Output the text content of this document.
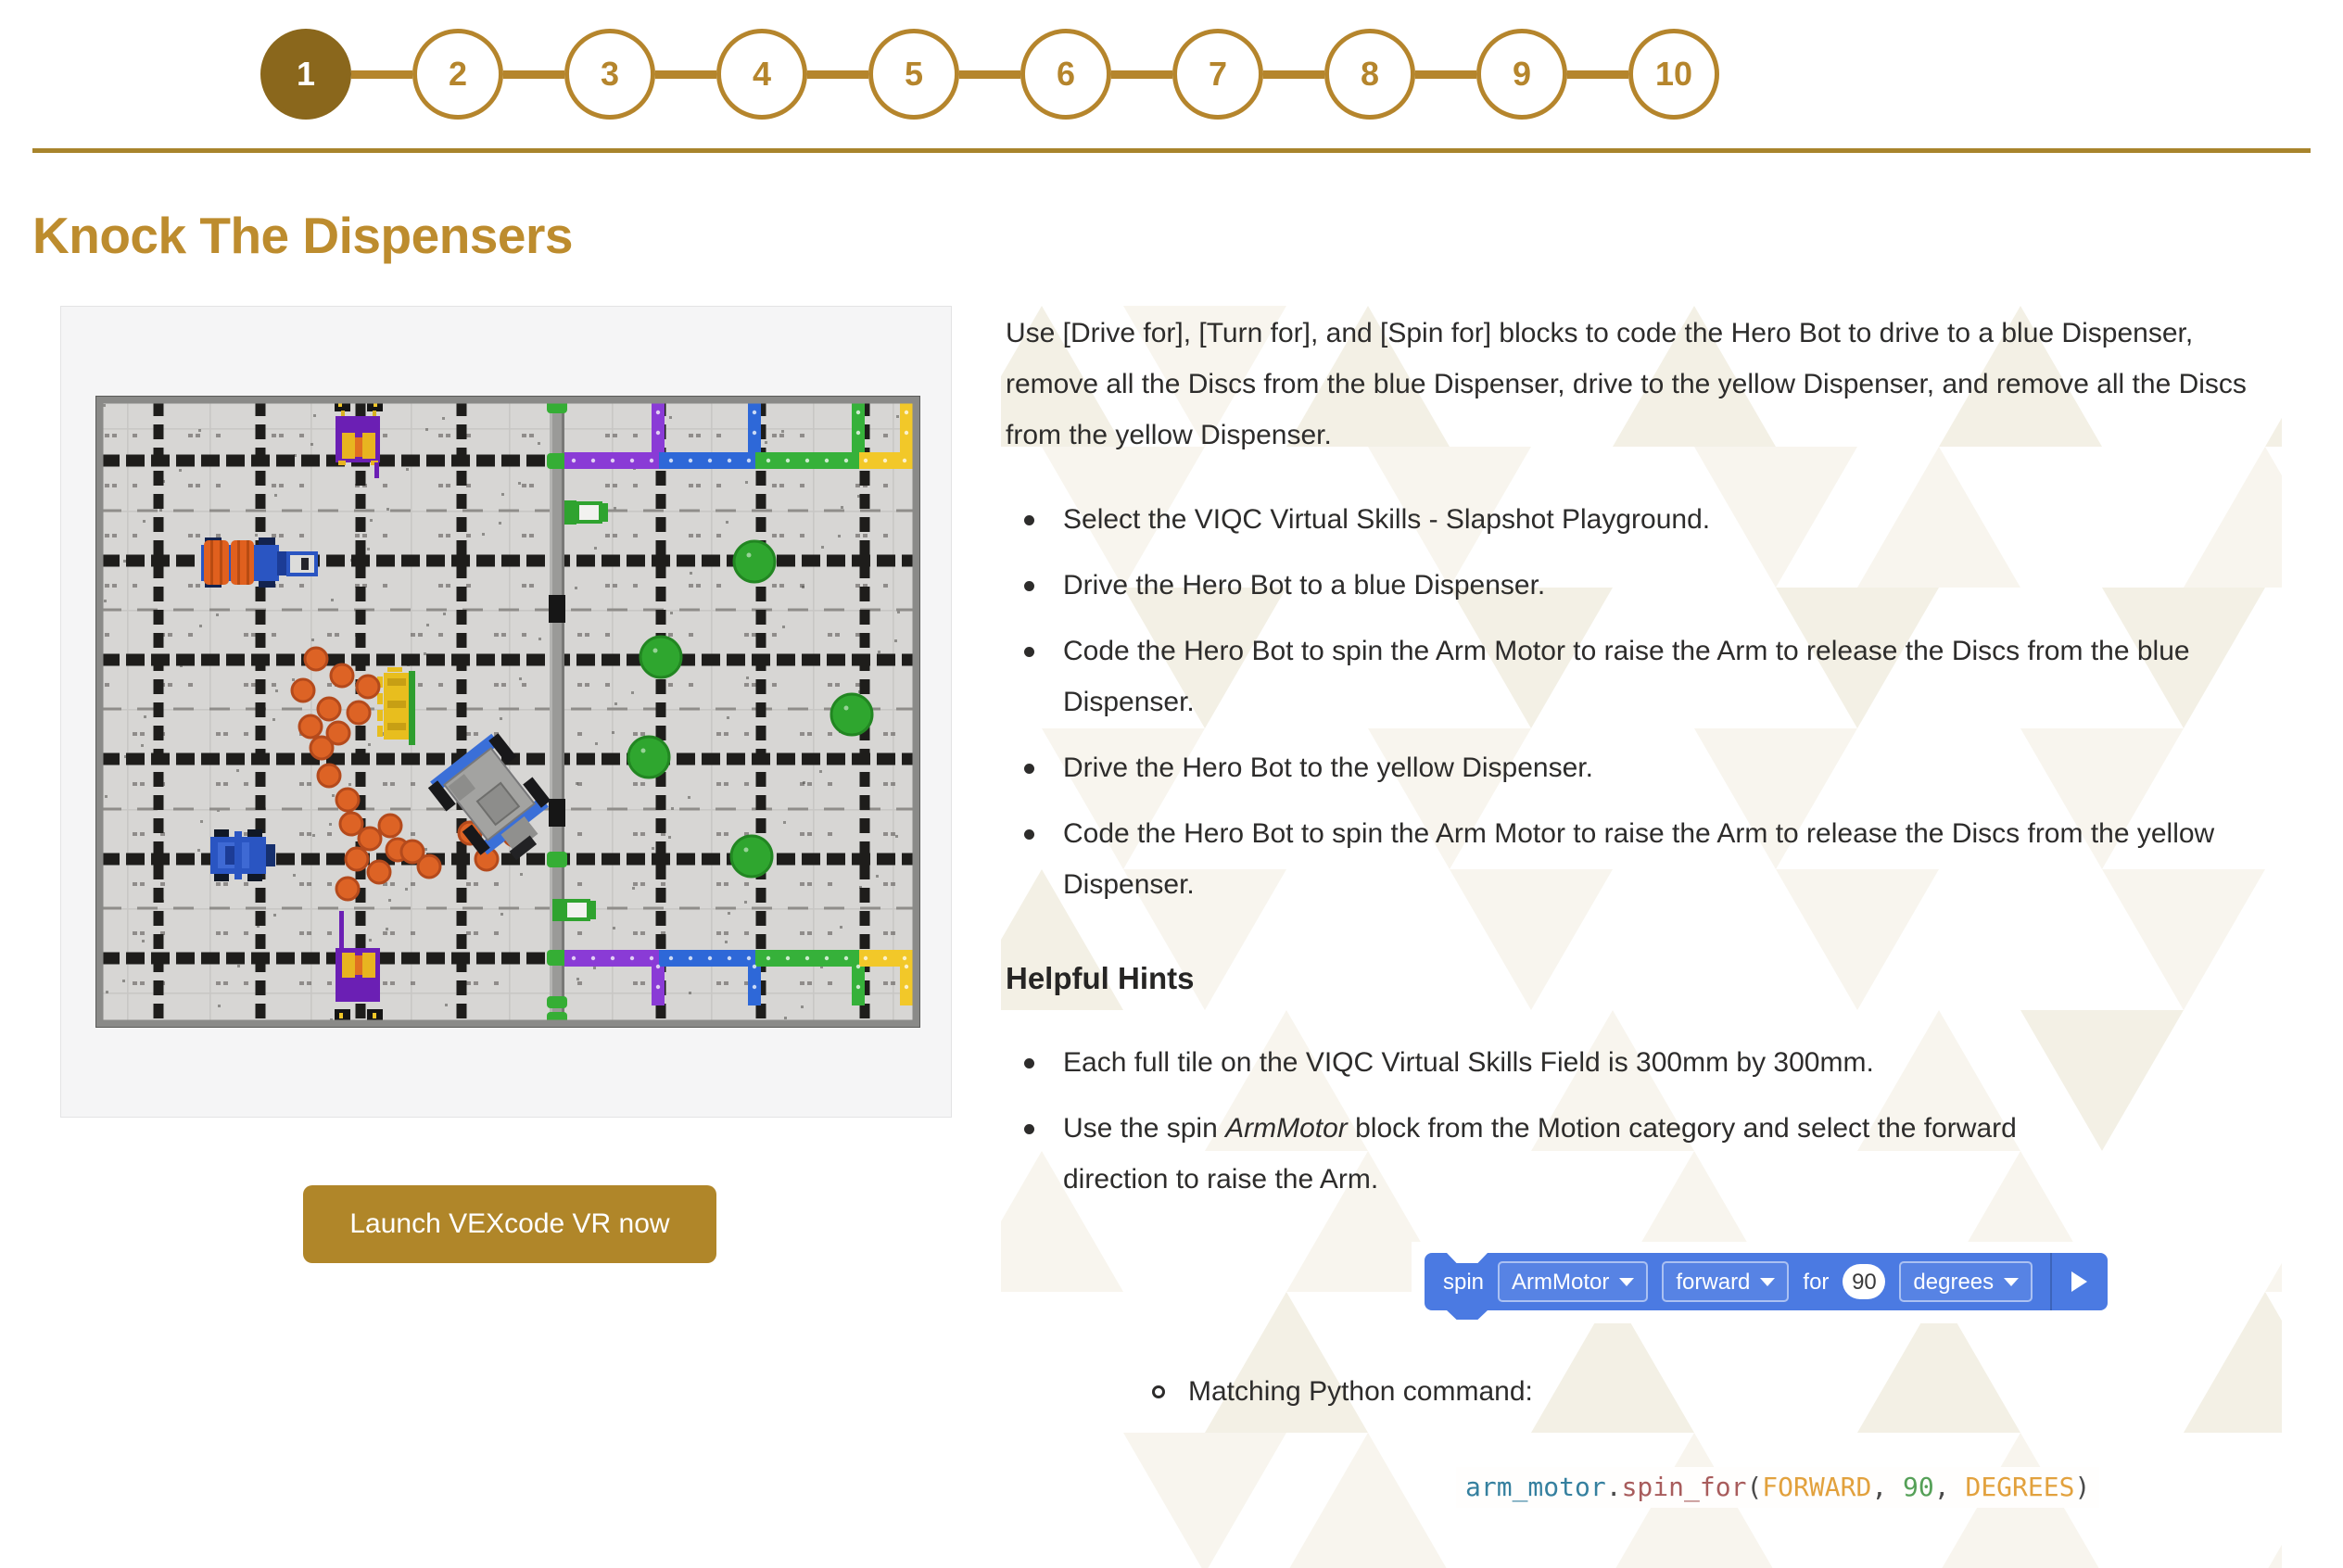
1	2	3	4	5	6	7	8	9	10
Knock The Dispensers
Launch VEXcode VR now

Use [Drive for], [Turn for], and [Spin for] blocks to code the Hero Bot to drive to a blue Dispenser, remove all the Discs from the blue Dispenser, drive to the yellow Dispenser, and remove all the Discs from the yellow Dispenser.

Select the VIQC Virtual Skills - Slapshot Playground.
Drive the Hero Bot to a blue Dispenser.
Code the Hero Bot to spin the Arm Motor to raise the Arm to release the Discs from the blue Dispenser.
Drive the Hero Bot to the yellow Dispenser.
Code the Hero Bot to spin the Arm Motor to raise the Arm to release the Discs from the yellow Dispenser.
Helpful Hints
Each full tile on the VIQC Virtual Skills Field is 300mm by 300mm.
Use the spin ArmMotor block from the Motion category and select the forward direction to raise the Arm.
spin ArmMotor	forward for	90	degrees
Matching Python command:
arm_motor.spin_for(FORWARD, 90, DEGREES)
